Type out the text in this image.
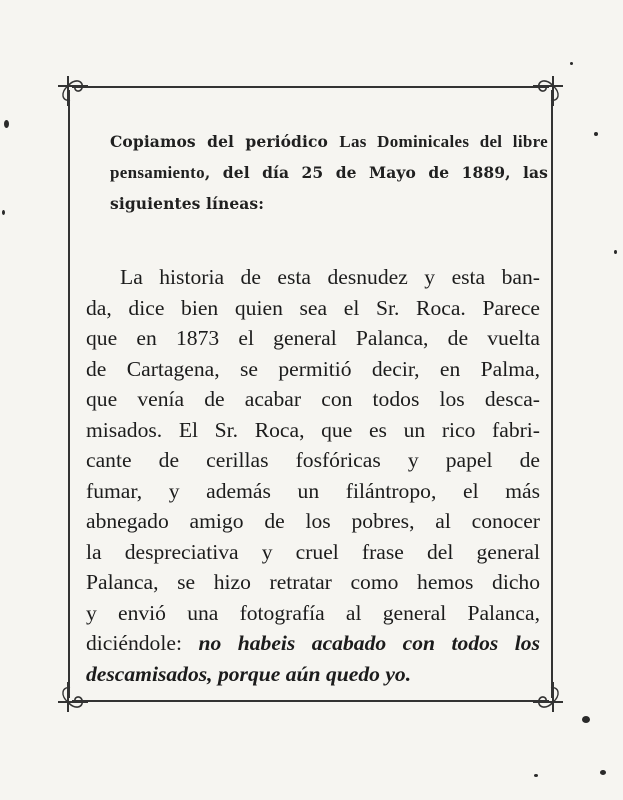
Copiamos del periódico Las Dominicales del libre pensamiento, del día 25 de Mayo de 1889, las siguientes líneas:
La historia de esta desnudez y esta ban-
da, dice bien quien sea el Sr. Roca. Parece
que en 1873 el general Palanca, de vuelta
de Cartagena, se permitió decir, en Palma,
que venía de acabar con todos los desca-
misados. El Sr. Roca, que es un rico fabri-
cante de cerillas fosfóricas y papel de
fumar, y además un filántropo, el más
abnegado amigo de los pobres, al conocer
la despreciativa y cruel frase del general
Palanca, se hizo retratar como hemos dicho
y envió una fotografía al general Palanca,
diciéndole: no habeis acabado con todos los
descamisados, porque aún quedo yo.
